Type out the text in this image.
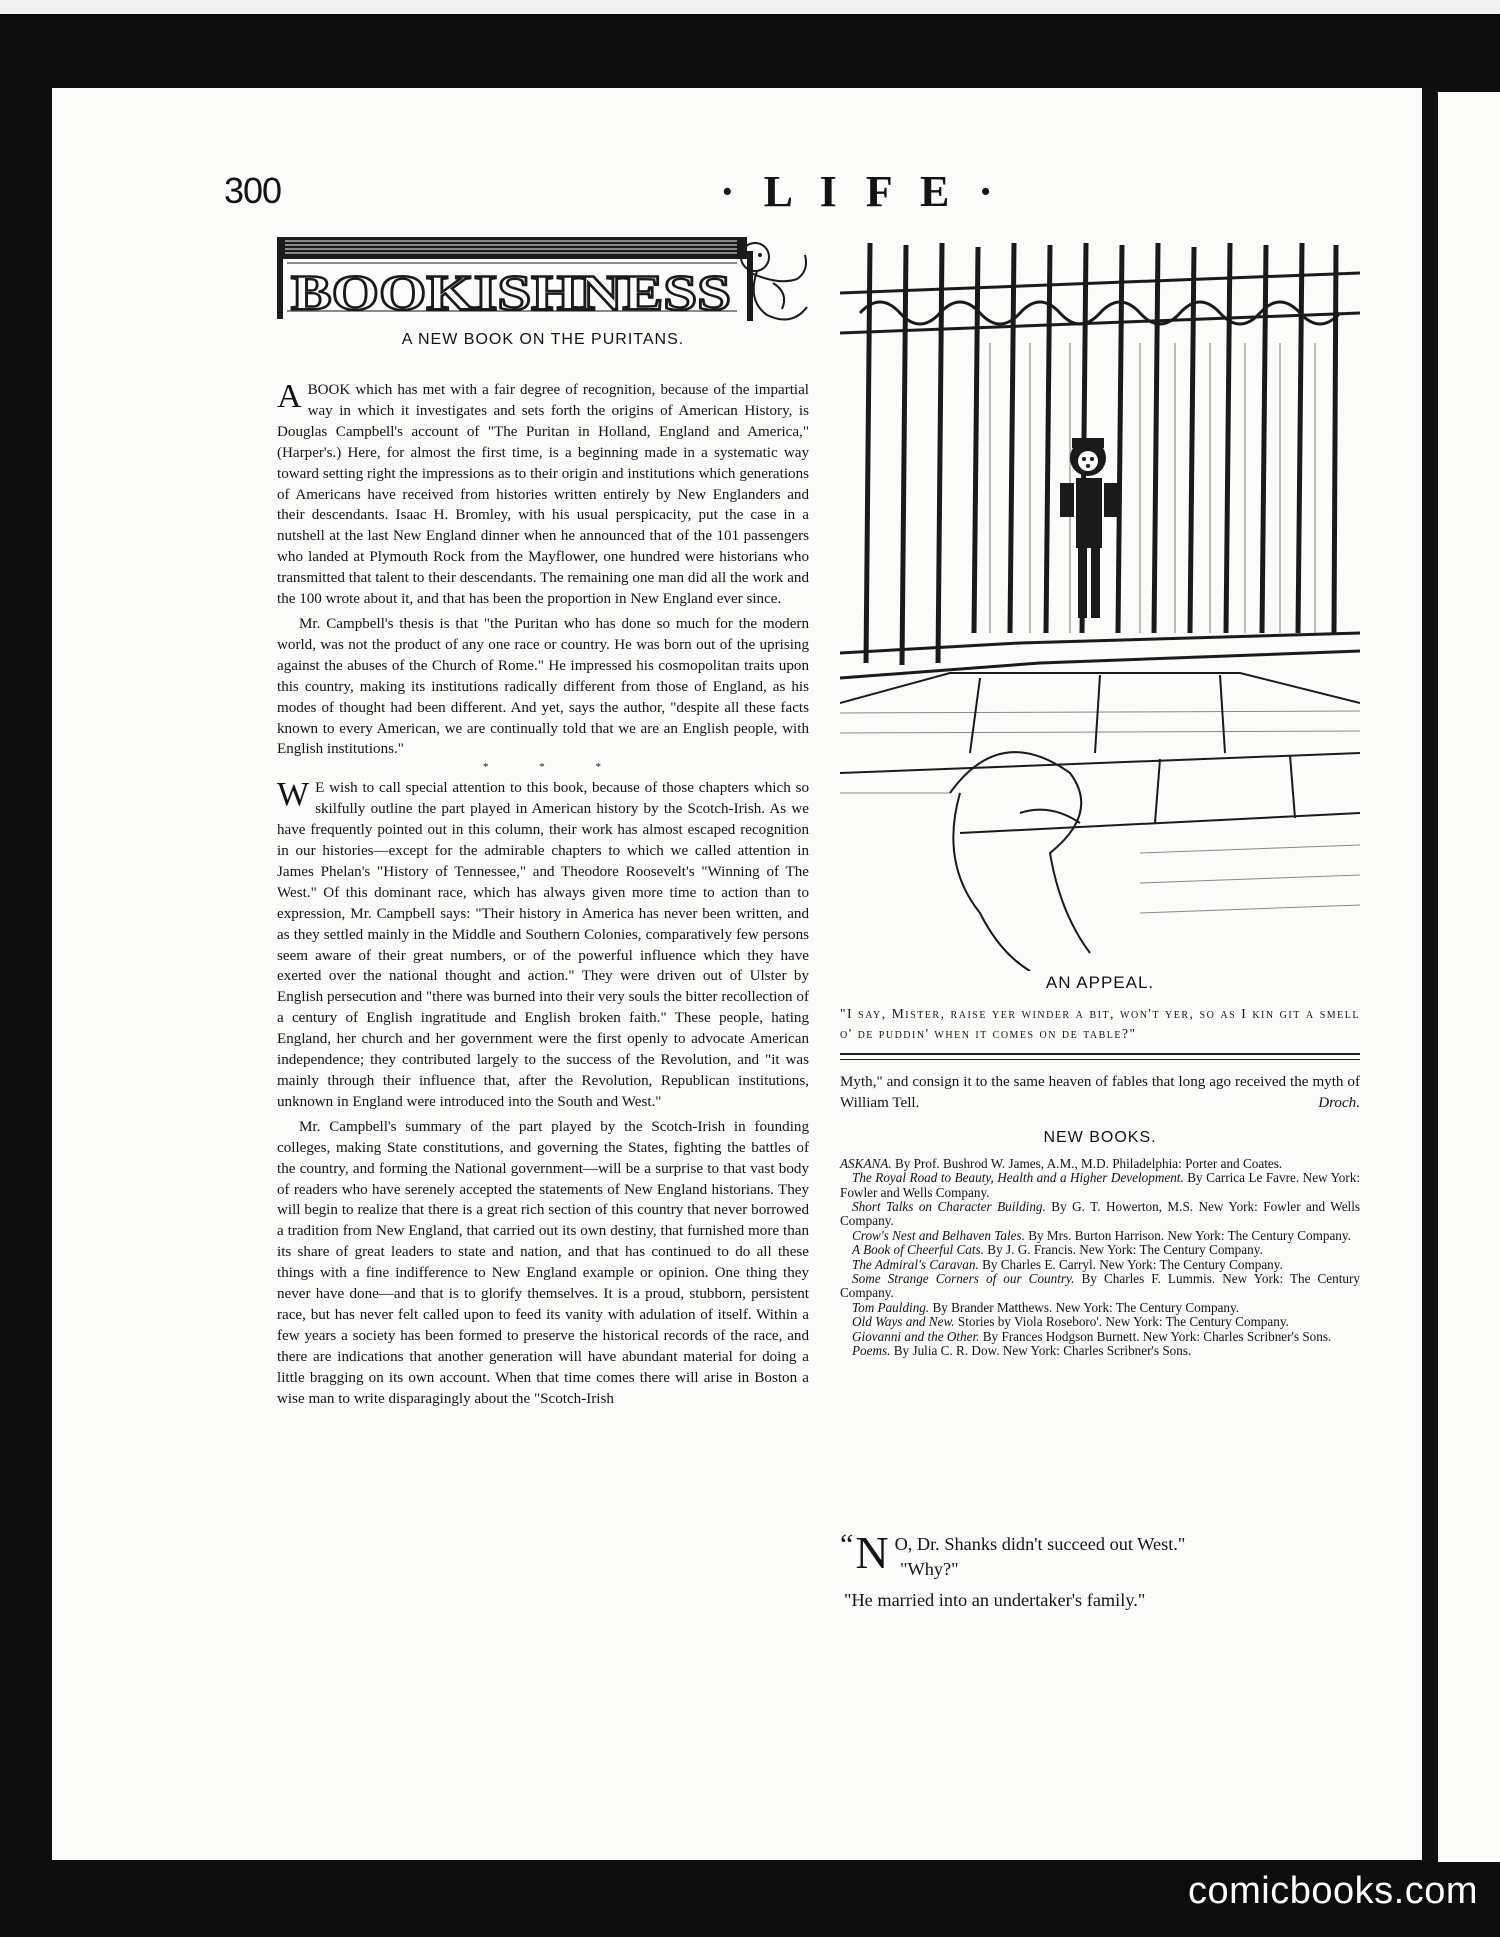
comicbooks.com
300	· L I F E ·
BOOKISHNESS
A NEW BOOK ON THE PURITANS.

ABOOK which has met with a fair degree of recognition, because of the impartial way in which it investigates and sets forth the origins of American History, is Douglas Campbell's account of "The Puritan in Holland, England and America," (Harper's.) Here, for almost the first time, is a beginning made in a systematic way toward setting right the impressions as to their origin and institutions which generations of Americans have received from histories written entirely by New Englanders and their descendants. Isaac H. Bromley, with his usual perspicacity, put the case in a nutshell at the last New England dinner when he announced that of the 101 passengers who landed at Plymouth Rock from the Mayflower, one hundred were historians who transmitted that talent to their descendants. The remaining one man did all the work and the 100 wrote about it, and that has been the proportion in New England ever since.

Mr. Campbell's thesis is that "the Puritan who has done so much for the modern world, was not the product of any one race or country. He was born out of the uprising against the abuses of the Church of Rome." He impressed his cosmopolitan traits upon this country, making its institutions radically different from those of England, as his modes of thought had been different. And yet, says the author, "despite all these facts known to every American, we are continually told that we are an English people, with English institutions."

* * *

W E wish to call special attention to this book, because of those chapters which so skilfully outline the part played in American history by the Scotch-Irish. As we have frequently pointed out in this column, their work has almost escaped recognition in our histories—except for the admirable chapters to which we called attention in James Phelan's "History of Tennessee," and Theodore Roosevelt's "Winning of The West." Of this dominant race, which has always given more time to action than to expression, Mr. Campbell says: "Their history in America has never been written, and as they settled mainly in the Middle and Southern Colonies, comparatively few persons seem aware of their great numbers, or of the powerful influence which they have exerted over the national thought and action." They were driven out of Ulster by English persecution and "there was burned into their very souls the bitter recollection of a century of English ingratitude and English broken faith." These people, hating England, her church and her government were the first openly to advocate American independence; they contributed largely to the success of the Revolution, and "it was mainly through their influence that, after the Revolution, Republican institutions, unknown in England were introduced into the South and West."

Mr. Campbell's summary of the part played by the Scotch-Irish in founding colleges, making State constitutions, and governing the States, fighting the battles of the country, and forming the National government—will be a surprise to that vast body of readers who have serenely accepted the statements of New England historians. They will begin to realize that there is a great rich section of this country that never borrowed a tradition from New England, that carried out its own destiny, that furnished more than its share of great leaders to state and nation, and that has continued to do all these things with a fine indifference to New England example or opinion. One thing they never have done—and that is to glorify themselves. It is a proud, stubborn, persistent race, but has never felt called upon to feed its vanity with adulation of itself. Within a few years a society has been formed to preserve the historical records of the race, and there are indications that another generation will have abundant material for doing a little bragging on its own account. When that time comes there will arise in Boston a wise man to write disparagingly about the "Scotch-Irish

AN APPEAL.
"I say, Mister, raise yer winder a bit, won't yer, so as I kin git a smell o' de puddin' when it comes on de table?"

Myth," and consign it to the same heaven of fables that long ago received the myth of William Tell.	Droch.

NEW BOOKS.

ASKANA. By Prof. Bushrod W. James, A.M., M.D. Philadelphia: Porter and Coates.

The Royal Road to Beauty, Health and a Higher Development. By Carrica Le Favre. New York: Fowler and Wells Company.

Short Talks on Character Building. By G. T. Howerton, M.S. New York: Fowler and Wells Company.

Crow's Nest and Belhaven Tales. By Mrs. Burton Harrison. New York: The Century Company.

A Book of Cheerful Cats. By J. G. Francis. New York: The Century Company.

The Admiral's Caravan. By Charles E. Carryl. New York: The Century Company.

Some Strange Corners of our Country. By Charles F. Lummis. New York: The Century Company.

Tom Paulding. By Brander Matthews. New York: The Century Company.

Old Ways and New. Stories by Viola Roseboro'. New York: The Century Company.

Giovanni and the Other. By Frances Hodgson Burnett. New York: Charles Scribner's Sons.

Poems. By Julia C. R. Dow. New York: Charles Scribner's Sons.

“ N O, Dr. Shanks didn't succeed out West."

"Why?"

"He married into an undertaker's family."
